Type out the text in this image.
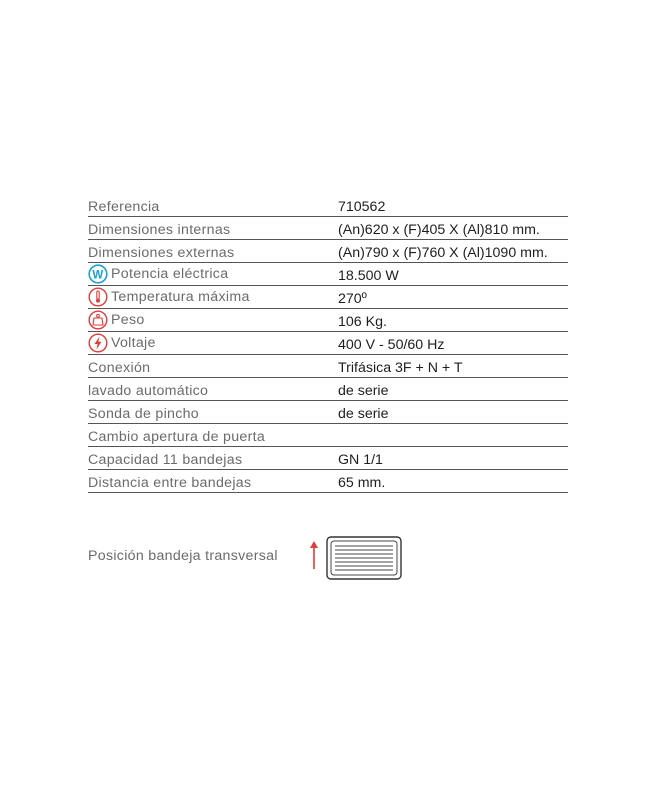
Referencia	710562

Dimensiones internas	(An)620 x (F)405 X (Al)810 mm.

Dimensiones externas	(An)790 x (F)760 X (Al)1090 mm.

W Potencia eléctrica	18.500 W

Temperatura máxima	270º

Peso	106 Kg.

Voltaje	400 V - 50/60 Hz

Conexión	Trifásica 3F + N + T

lavado automático	de serie

Sonda de pincho	de serie

Cambio apertura de puerta	

Capacidad 11 bandejas	GN 1/1

Distancia entre bandejas	65 mm.
Posición bandeja transversal
